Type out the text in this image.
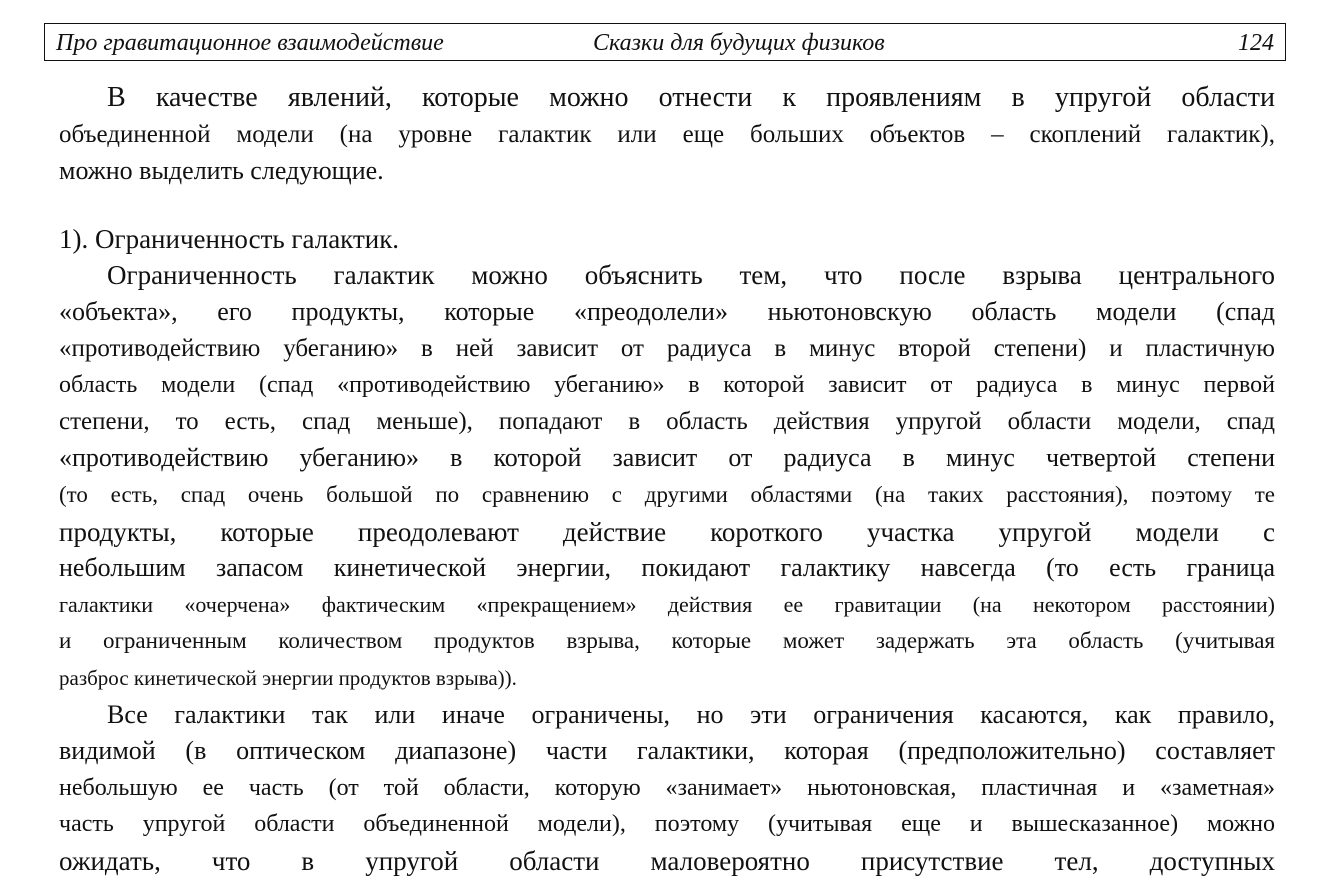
Про гравитационное взаимодействие	Сказки для будущих физиков	124
В качестве явлений, которые можно отнести к проявлениям в упругой области
объединенной модели (на уровне галактик или еще больших объектов – скоплений галактик),
можно выделить следующие.
1). Ограниченность галактик.
Ограниченность галактик можно объяснить тем, что после взрыва центрального
«объекта», его продукты, которые «преодолели» ньютоновскую область модели (спад
«противодействию убеганию» в ней зависит от радиуса в минус второй степени) и пластичную
область модели (спад «противодействию убеганию» в которой зависит от радиуса в минус первой
степени, то есть, спад меньше), попадают в область действия упругой области модели, спад
«противодействию убеганию» в которой зависит от радиуса в минус четвертой степени
(то есть, спад очень большой по сравнению с другими областями (на таких расстояния), поэтому те
продукты, которые преодолевают действие короткого участка упругой модели с
небольшим запасом кинетической энергии, покидают галактику навсегда (то есть граница
галактики «очерчена» фактическим «прекращением» действия ее гравитации (на некотором расстоянии)
и ограниченным количеством продуктов взрыва, которые может задержать эта область (учитывая
разброс кинетической энергии продуктов взрыва)).
Все галактики так или иначе ограничены, но эти ограничения касаются, как правило,
видимой (в оптическом диапазоне) части галактики, которая (предположительно) составляет
небольшую ее часть (от той области, которую «занимает» ньютоновская, пластичная и «заметная»
часть упругой области объединенной модели), поэтому (учитывая еще и вышесказанное) можно
ожидать, что в упругой области маловероятно присутствие тел, доступных
